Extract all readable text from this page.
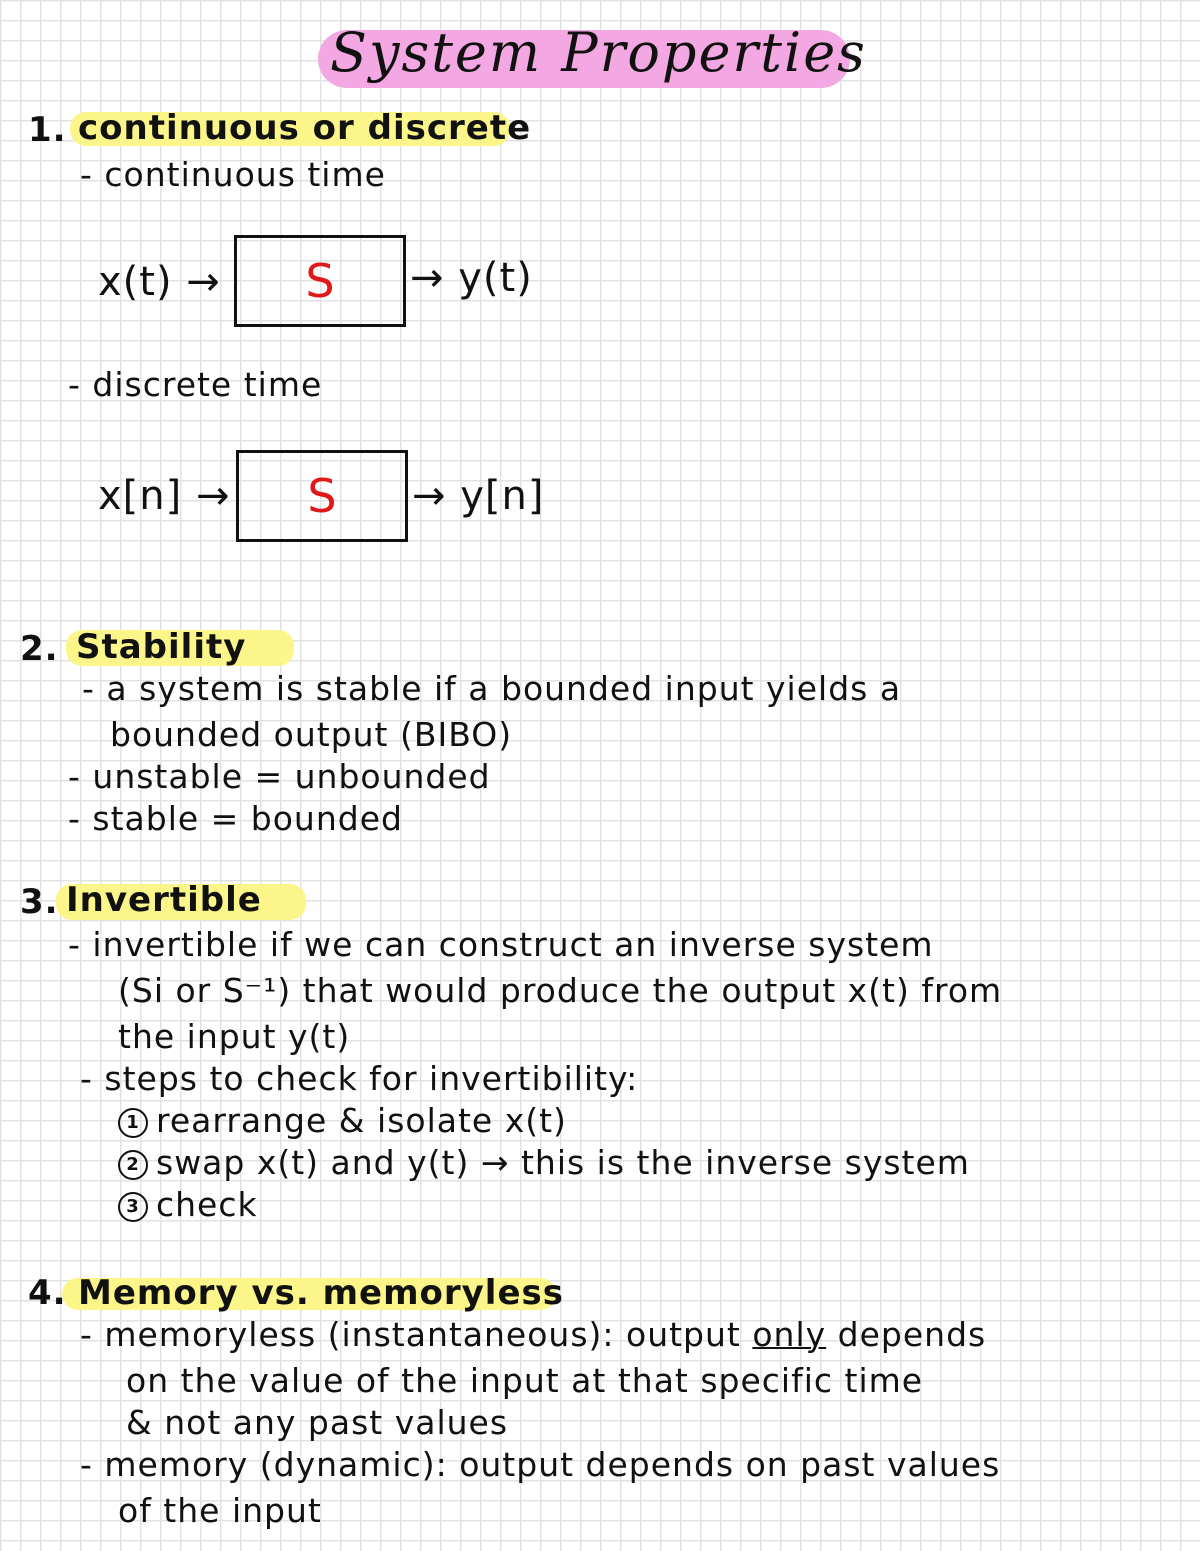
System Properties
1. continuous or discrete
- continuous time
x(t) → S → y(t)
- discrete time
x[n] → S → y[n]
2. Stability
- a system is stable if a bounded input yields a
bounded output (BIBO)
- unstable = unbounded
- stable = bounded
3. Invertible
- invertible if we can construct an inverse system
(Si or S⁻¹) that would produce the output x(t) from
the input y(t)
- steps to check for invertibility:
1 rearrange & isolate x(t)
2 swap x(t) and y(t) → this is the inverse system
3 check
4. Memory vs. memoryless
- memoryless (instantaneous): output only depends
on the value of the input at that specific time
& not any past values
- memory (dynamic): output depends on past values
of the input
